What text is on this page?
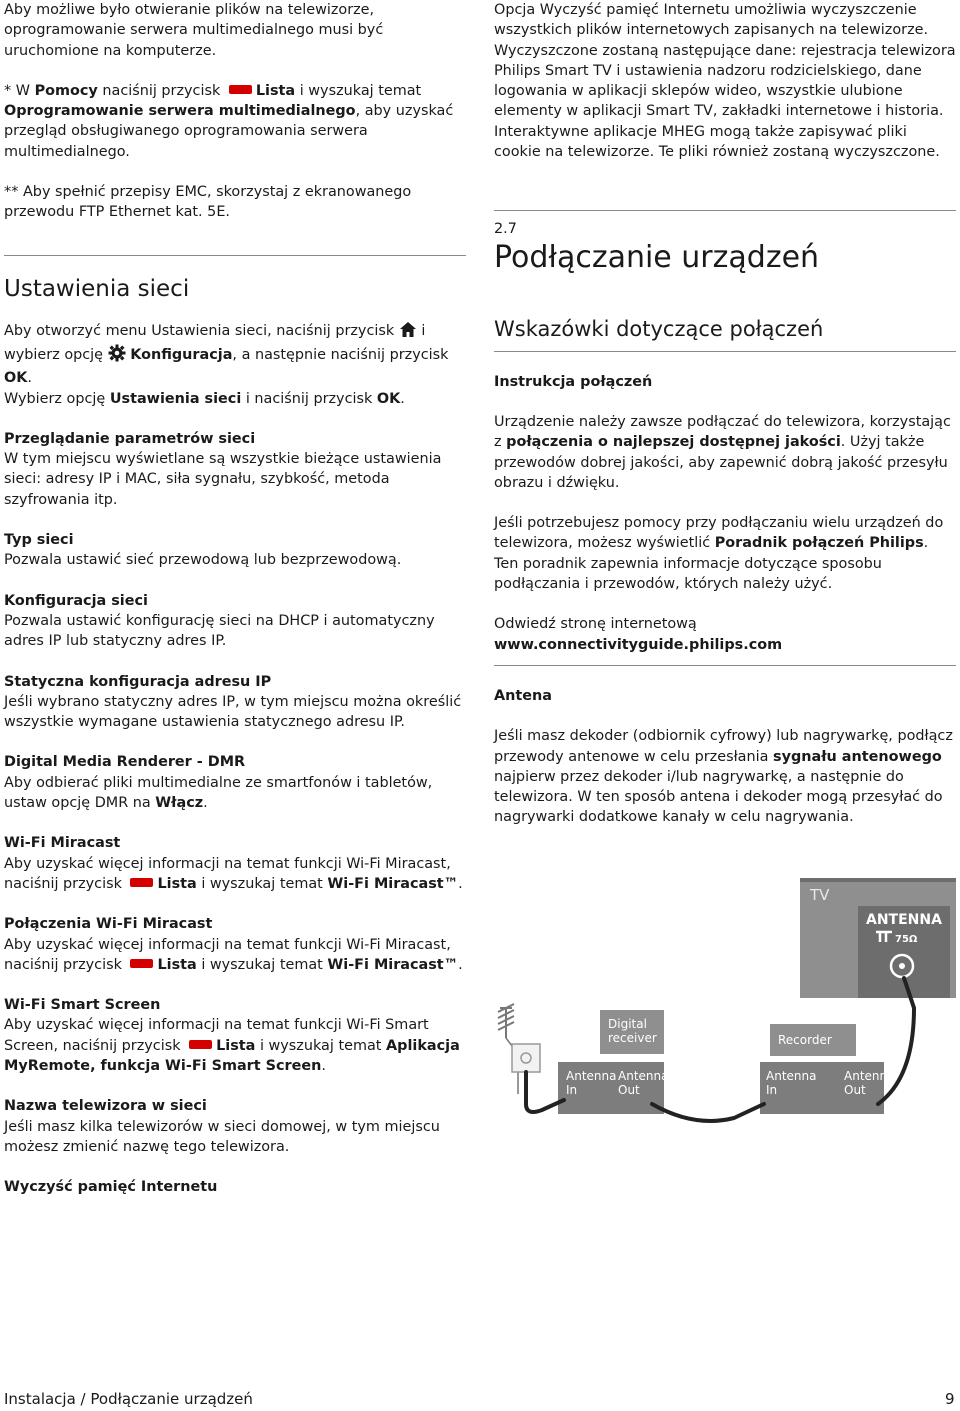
Aby możliwe było otwieranie plików na telewizorze, oprogramowanie serwera multimedialnego musi być uruchomione na komputerze.

* W Pomocy naciśnij przycisk Lista i wyszukaj temat Oprogramowanie serwera multimedialnego, aby uzyskać przegląd obsługiwanego oprogramowania serwera multimedialnego.

** Aby spełnić przepisy EMC, skorzystaj z ekranowanego przewodu FTP Ethernet kat. 5E.

Ustawienia sieci

Aby otworzyć menu Ustawienia sieci, naciśnij przycisk  i wybierz opcję  Konfiguracja, a następnie naciśnij przycisk OK.

Wybierz opcję Ustawienia sieci i naciśnij przycisk OK.

Przeglądanie parametrów sieci

W tym miejscu wyświetlane są wszystkie bieżące ustawienia sieci: adresy IP i MAC, siła sygnału, szybkość, metoda szyfrowania itp.

Typ sieci

Pozwala ustawić sieć przewodową lub bezprzewodową.

Konfiguracja sieci

Pozwala ustawić konfigurację sieci na DHCP i automatyczny adres IP lub statyczny adres IP.

Statyczna konfiguracja adresu IP

Jeśli wybrano statyczny adres IP, w tym miejscu można określić wszystkie wymagane ustawienia statycznego adresu IP.

Digital Media Renderer - DMR

Aby odbierać pliki multimedialne ze smartfonów i tabletów, ustaw opcję DMR na Włącz.

Wi-Fi Miracast

Aby uzyskać więcej informacji na temat funkcji Wi-Fi Miracast, naciśnij przycisk Lista i wyszukaj temat Wi-Fi Miracast™.

Połączenia Wi-Fi Miracast

Aby uzyskać więcej informacji na temat funkcji Wi-Fi Miracast, naciśnij przycisk Lista i wyszukaj temat Wi-Fi Miracast™.

Wi-Fi Smart Screen

Aby uzyskać więcej informacji na temat funkcji Wi-Fi Smart Screen, naciśnij przycisk Lista i wyszukaj temat Aplikacja MyRemote, funkcja Wi-Fi Smart Screen.

Nazwa telewizora w sieci

Jeśli masz kilka telewizorów w sieci domowej, w tym miejscu możesz zmienić nazwę tego telewizora.

Wyczyść pamięć Internetu

Opcja Wyczyść pamięć Internetu umożliwia wyczyszczenie wszystkich plików internetowych zapisanych na telewizorze. Wyczyszczone zostaną następujące dane: rejestracja telewizora Philips Smart TV i ustawienia nadzoru rodzicielskiego, dane logowania w aplikacji sklepów wideo, wszystkie ulubione elementy w aplikacji Smart TV, zakładki internetowe i historia. Interaktywne aplikacje MHEG mogą także zapisywać pliki cookie na telewizorze. Te pliki również zostaną wyczyszczone.

2.7

Podłączanie urządzeń
Wskazówki dotyczące połączeń

Instrukcja połączeń

Urządzenie należy zawsze podłączać do telewizora, korzystając z połączenia o najlepszej dostępnej jakości. Użyj także przewodów dobrej jakości, aby zapewnić dobrą jakość przesyłu obrazu i dźwięku.

Jeśli potrzebujesz pomocy przy podłączaniu wielu urządzeń do telewizora, możesz wyświetlić Poradnik połączeń Philips. Ten poradnik zapewnia informacje dotyczące sposobu podłączania i przewodów, których należy użyć.

Odwiedź stronę internetową

www.connectivityguide.philips.com

Antena

Jeśli masz dekoder (odbiornik cyfrowy) lub nagrywarkę, podłącz przewody antenowe w celu przesłania sygnału antenowego najpierw przez dekoder i/lub nagrywarkę, a następnie do telewizora. W ten sposób antena i dekoder mogą przesyłać do nagrywarki dodatkowe kanały w celu nagrywania.

TV
ANTENNA
75Ω
Digital
receiver
Antenna
In
Antenna
Out
Recorder
Antenna
In
Antenna
Out
Instalacja / Podłączanie urządzeń	9
